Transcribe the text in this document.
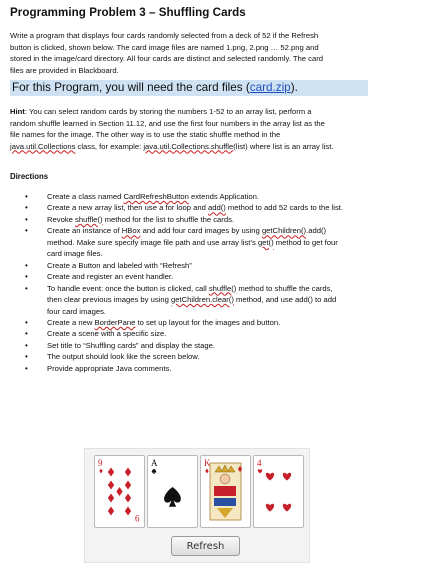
Programming Problem 3 – Shuffling Cards
Write a program that displays four cards randomly selected from a deck of 52 if the Refresh
button is clicked, shown below. The card image files are named 1.png, 2.png … 52.png and
stored in the image/card directory. All four cards are distinct and selected randomly. The card
files are provided in Blackboard.
For this Program, you will need the card files (card.zip).
Hint: You can select random cards by storing the numbers 1-52 to an array list, perform a
random shuffle learned in Section 11.12, and use the first four numbers in the array list as the
file names for the image. The other way is to use the static shuffle method in the
java.util.Collections class, for example: java.util.Collections.shuffle(list) where list is an array list.
Directions
• Create a class named CardRefreshButton extends Application.
• Create a new array list, then use a for loop and add() method to add 52 cards to the list.
• Revoke shuffle() method for the list to shuffle the cards.
• Create an instance of HBox and add four card images by using getChildren().add()
method. Make sure specify image file path and use array list’s get() method to get four
card image files.
• Create a Button and labeled with “Refresh”
• Create and register an event handler.
• To handle event: once the button is clicked, call shuffle() method to shuffle the cards,
then clear previous images by using getChildren.clear() method, and use add() to add
four card images.
• Create a new BorderPane to set up layout for the images and button.
• Create a scene with a specific size.
• Set title to “Shuffling cards” and display the stage.
• The output should look like the screen below.
• Provide appropriate Java comments.
9
9
A	K	4
Refresh
